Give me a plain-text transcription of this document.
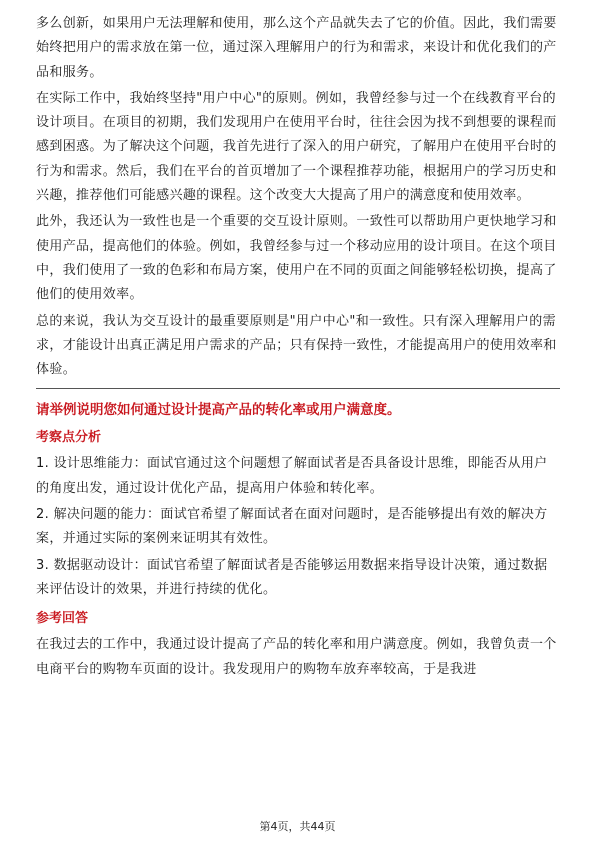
多么创新，如果用户无法理解和使用，那么这个产品就失去了它的价值。因此，我们需要始终把用户的需求放在第一位，通过深入理解用户的行为和需求，来设计和优化我们的产品和服务。

在实际工作中，我始终坚持"用户中心"的原则。例如，我曾经参与过一个在线教育平台的设计项目。在项目的初期，我们发现用户在使用平台时，往往会因为找不到想要的课程而感到困惑。为了解决这个问题，我首先进行了深入的用户研究，了解用户在使用平台时的行为和需求。然后，我们在平台的首页增加了一个课程推荐功能，根据用户的学习历史和兴趣，推荐他们可能感兴趣的课程。这个改变大大提高了用户的满意度和使用效率。

此外，我还认为一致性也是一个重要的交互设计原则。一致性可以帮助用户更快地学习和使用产品，提高他们的体验。例如，我曾经参与过一个移动应用的设计项目。在这个项目中，我们使用了一致的色彩和布局方案，使用户在不同的页面之间能够轻松切换，提高了他们的使用效率。

总的来说，我认为交互设计的最重要原则是"用户中心"和一致性。只有深入理解用户的需求，才能设计出真正满足用户需求的产品；只有保持一致性，才能提高用户的使用效率和体验。

请举例说明您如何通过设计提高产品的转化率或用户满意度。

考察点分析

1. 设计思维能力：面试官通过这个问题想了解面试者是否具备设计思维，即能否从用户的角度出发，通过设计优化产品，提高用户体验和转化率。

2. 解决问题的能力：面试官希望了解面试者在面对问题时，是否能够提出有效的解决方案，并通过实际的案例来证明其有效性。

3. 数据驱动设计：面试官希望了解面试者是否能够运用数据来指导设计决策，通过数据来评估设计的效果，并进行持续的优化。

参考回答

在我过去的工作中，我通过设计提高了产品的转化率和用户满意度。例如，我曾负责一个电商平台的购物车页面的设计。我发现用户的购物车放弃率较高，于是我进

第4页，共44页
